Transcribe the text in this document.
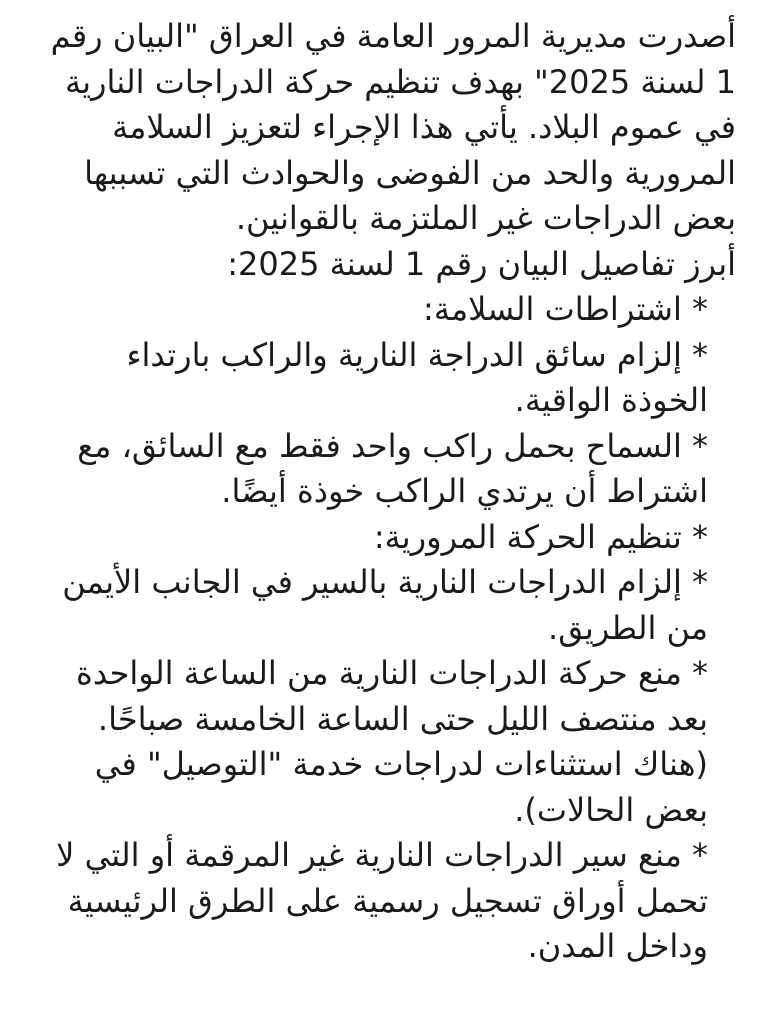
أصدرت مديرية المرور العامة في العراق "البيان رقم 1 لسنة 2025" بهدف تنظيم حركة الدراجات النارية في عموم البلاد. يأتي هذا الإجراء لتعزيز السلامة المرورية والحد من الفوضى والحوادث التي تسببها بعض الدراجات غير الملتزمة بالقوانين.

أبرز تفاصيل البيان رقم 1 لسنة 2025:

* اشتراطات السلامة:

* إلزام سائق الدراجة النارية والراكب بارتداء الخوذة الواقية.

* السماح بحمل راكب واحد فقط مع السائق، مع اشتراط أن يرتدي الراكب خوذة أيضًا.

* تنظيم الحركة المرورية:

* إلزام الدراجات النارية بالسير في الجانب الأيمن من الطريق.

* منع حركة الدراجات النارية من الساعة الواحدة بعد منتصف الليل حتى الساعة الخامسة صباحًا. (هناك استثناءات لدراجات خدمة "التوصيل" في بعض الحالات).

* منع سير الدراجات النارية غير المرقمة أو التي لا تحمل أوراق تسجيل رسمية على الطرق الرئيسية وداخل المدن.
